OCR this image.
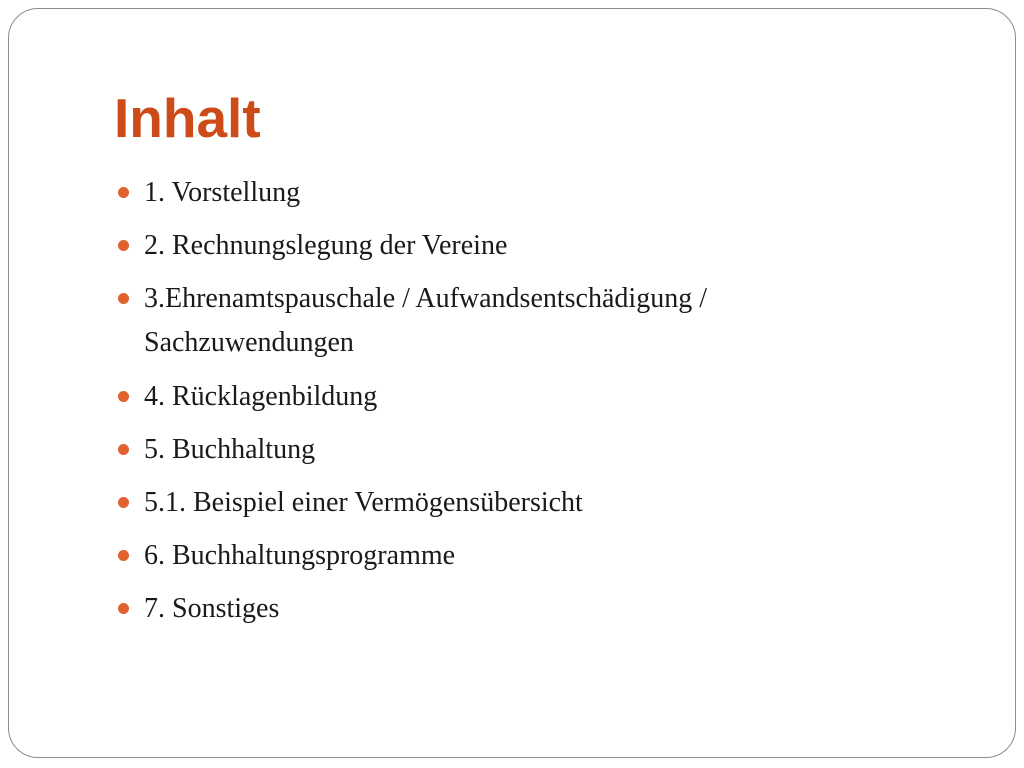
Inhalt
1. Vorstellung
2. Rechnungslegung der Vereine
3.Ehrenamtspauschale / Aufwandsentschädigung / Sachzuwendungen
4. Rücklagenbildung
5. Buchhaltung
5.1. Beispiel einer Vermögensübersicht
6. Buchhaltungsprogramme
7. Sonstiges
